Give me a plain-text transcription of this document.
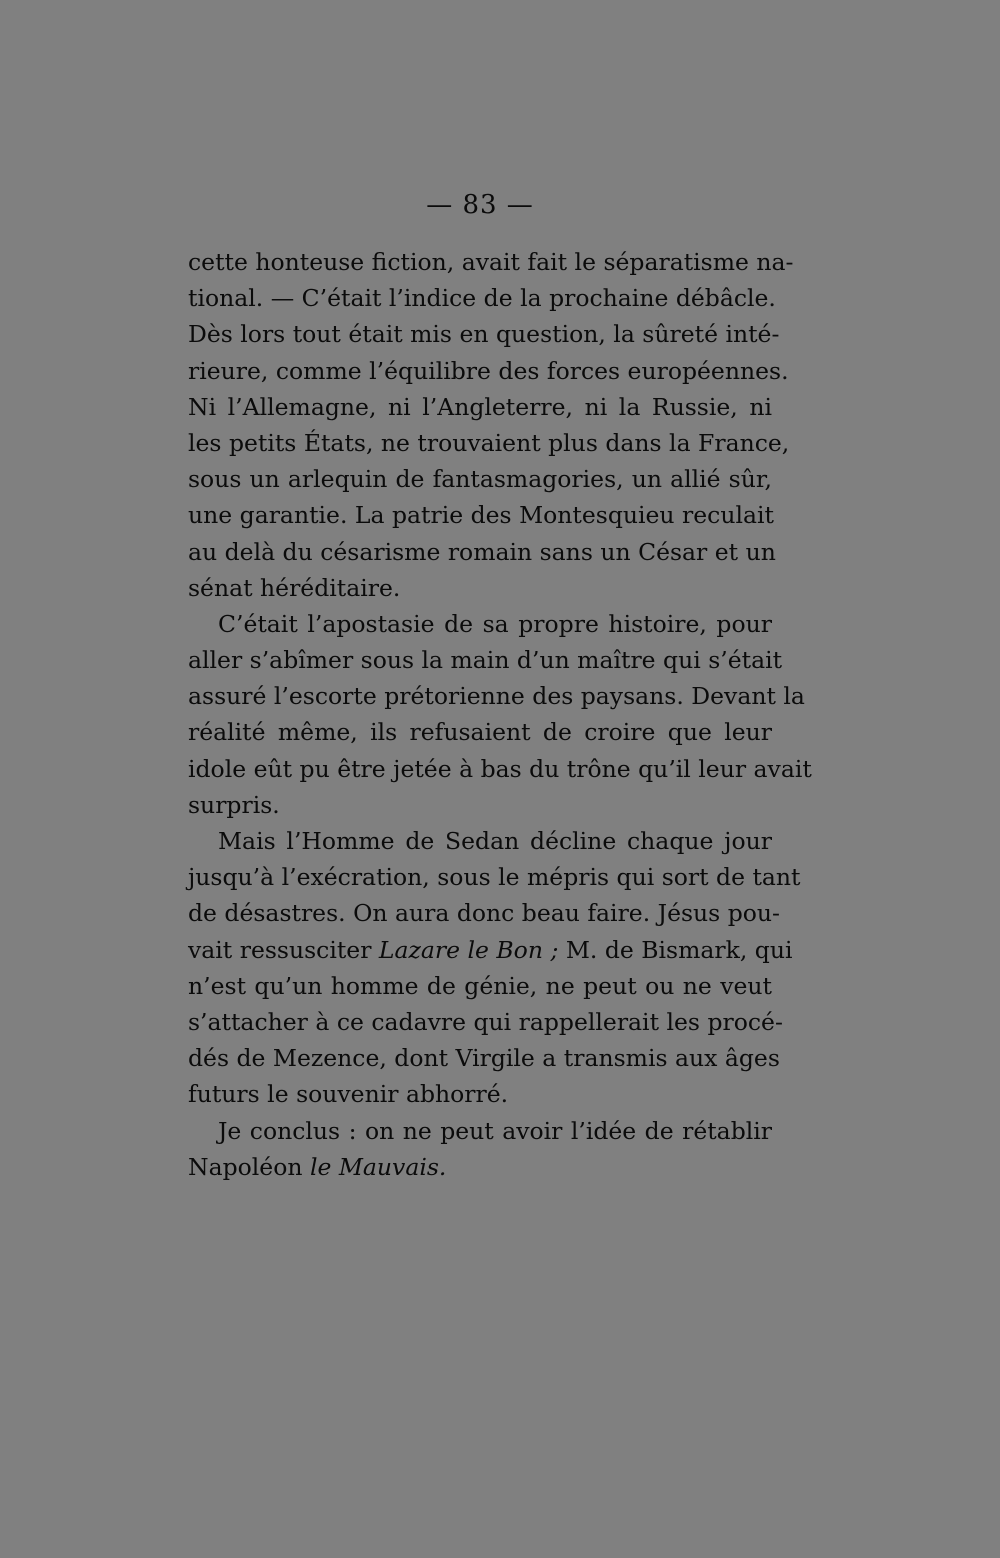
— 83 —
cette honteuse fiction, avait fait le séparatisme na-
tional. — C’était l’indice de la prochaine débâcle.
Dès lors tout était mis en question, la sûreté inté-
rieure, comme l’équilibre des forces européennes.
Ni l’Allemagne, ni l’Angleterre, ni la Russie, ni
les petits États, ne trouvaient plus dans la France,
sous un arlequin de fantasmagories, un allié sûr,
une garantie. La patrie des Montesquieu reculait
au delà du césarisme romain sans un César et un
sénat héréditaire.
C’était l’apostasie de sa propre histoire, pour
aller s’abîmer sous la main d’un maître qui s’était
assuré l’escorte prétorienne des paysans. Devant la
réalité même, ils refusaient de croire que leur
idole eût pu être jetée à bas du trône qu’il leur avait
surpris.
Mais l’Homme de Sedan décline chaque jour
jusqu’à l’exécration, sous le mépris qui sort de tant
de désastres. On aura donc beau faire. Jésus pou-
vait ressusciter Lazare le Bon ; M. de Bismark, qui
n’est qu’un homme de génie, ne peut ou ne veut
s’attacher à ce cadavre qui rappellerait les procé-
dés de Mezence, dont Virgile a transmis aux âges
futurs le souvenir abhorré.
Je conclus : on ne peut avoir l’idée de rétablir
Napoléon le Mauvais.
